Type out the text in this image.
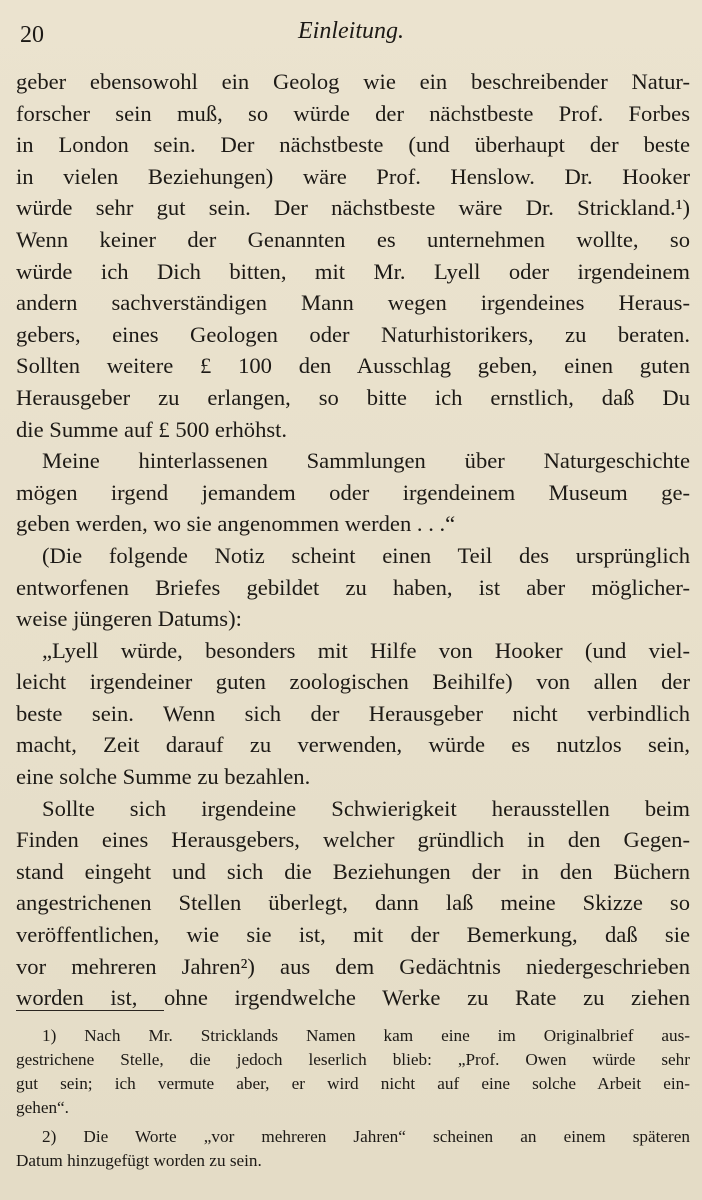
20	Einleitung.
geber ebensowohl ein Geolog wie ein beschreibender Natur-
forscher sein muß, so würde der nächstbeste Prof. Forbes
in London sein. Der nächstbeste (und überhaupt der beste
in vielen Beziehungen) wäre Prof. Henslow. Dr. Hooker
würde sehr gut sein. Der nächstbeste wäre Dr. Strickland.¹)
Wenn keiner der Genannten es unternehmen wollte, so
würde ich Dich bitten, mit Mr. Lyell oder irgendeinem
andern sachverständigen Mann wegen irgendeines Heraus-
gebers, eines Geologen oder Naturhistorikers, zu beraten.
Sollten weitere £ 100 den Ausschlag geben, einen guten
Herausgeber zu erlangen, so bitte ich ernstlich, daß Du
die Summe auf £ 500 erhöhst.
Meine hinterlassenen Sammlungen über Naturgeschichte
mögen irgend jemandem oder irgendeinem Museum ge-
geben werden, wo sie angenommen werden . . .“
(Die folgende Notiz scheint einen Teil des ursprünglich
entworfenen Briefes gebildet zu haben, ist aber möglicher-
weise jüngeren Datums):
„Lyell würde, besonders mit Hilfe von Hooker (und viel-
leicht irgendeiner guten zoologischen Beihilfe) von allen der
beste sein. Wenn sich der Herausgeber nicht verbindlich
macht, Zeit darauf zu verwenden, würde es nutzlos sein,
eine solche Summe zu bezahlen.
Sollte sich irgendeine Schwierigkeit herausstellen beim
Finden eines Herausgebers, welcher gründlich in den Gegen-
stand eingeht und sich die Beziehungen der in den Büchern
angestrichenen Stellen überlegt, dann laß meine Skizze so
veröffentlichen, wie sie ist, mit der Bemerkung, daß sie
vor mehreren Jahren²) aus dem Gedächtnis niedergeschrieben
worden ist, ohne irgendwelche Werke zu Rate zu ziehen
1) Nach Mr. Stricklands Namen kam eine im Originalbrief aus-
gestrichene Stelle, die jedoch leserlich blieb: „Prof. Owen würde sehr
gut sein; ich vermute aber, er wird nicht auf eine solche Arbeit ein-
gehen“.
2) Die Worte „vor mehreren Jahren“ scheinen an einem späteren
Datum hinzugefügt worden zu sein.
